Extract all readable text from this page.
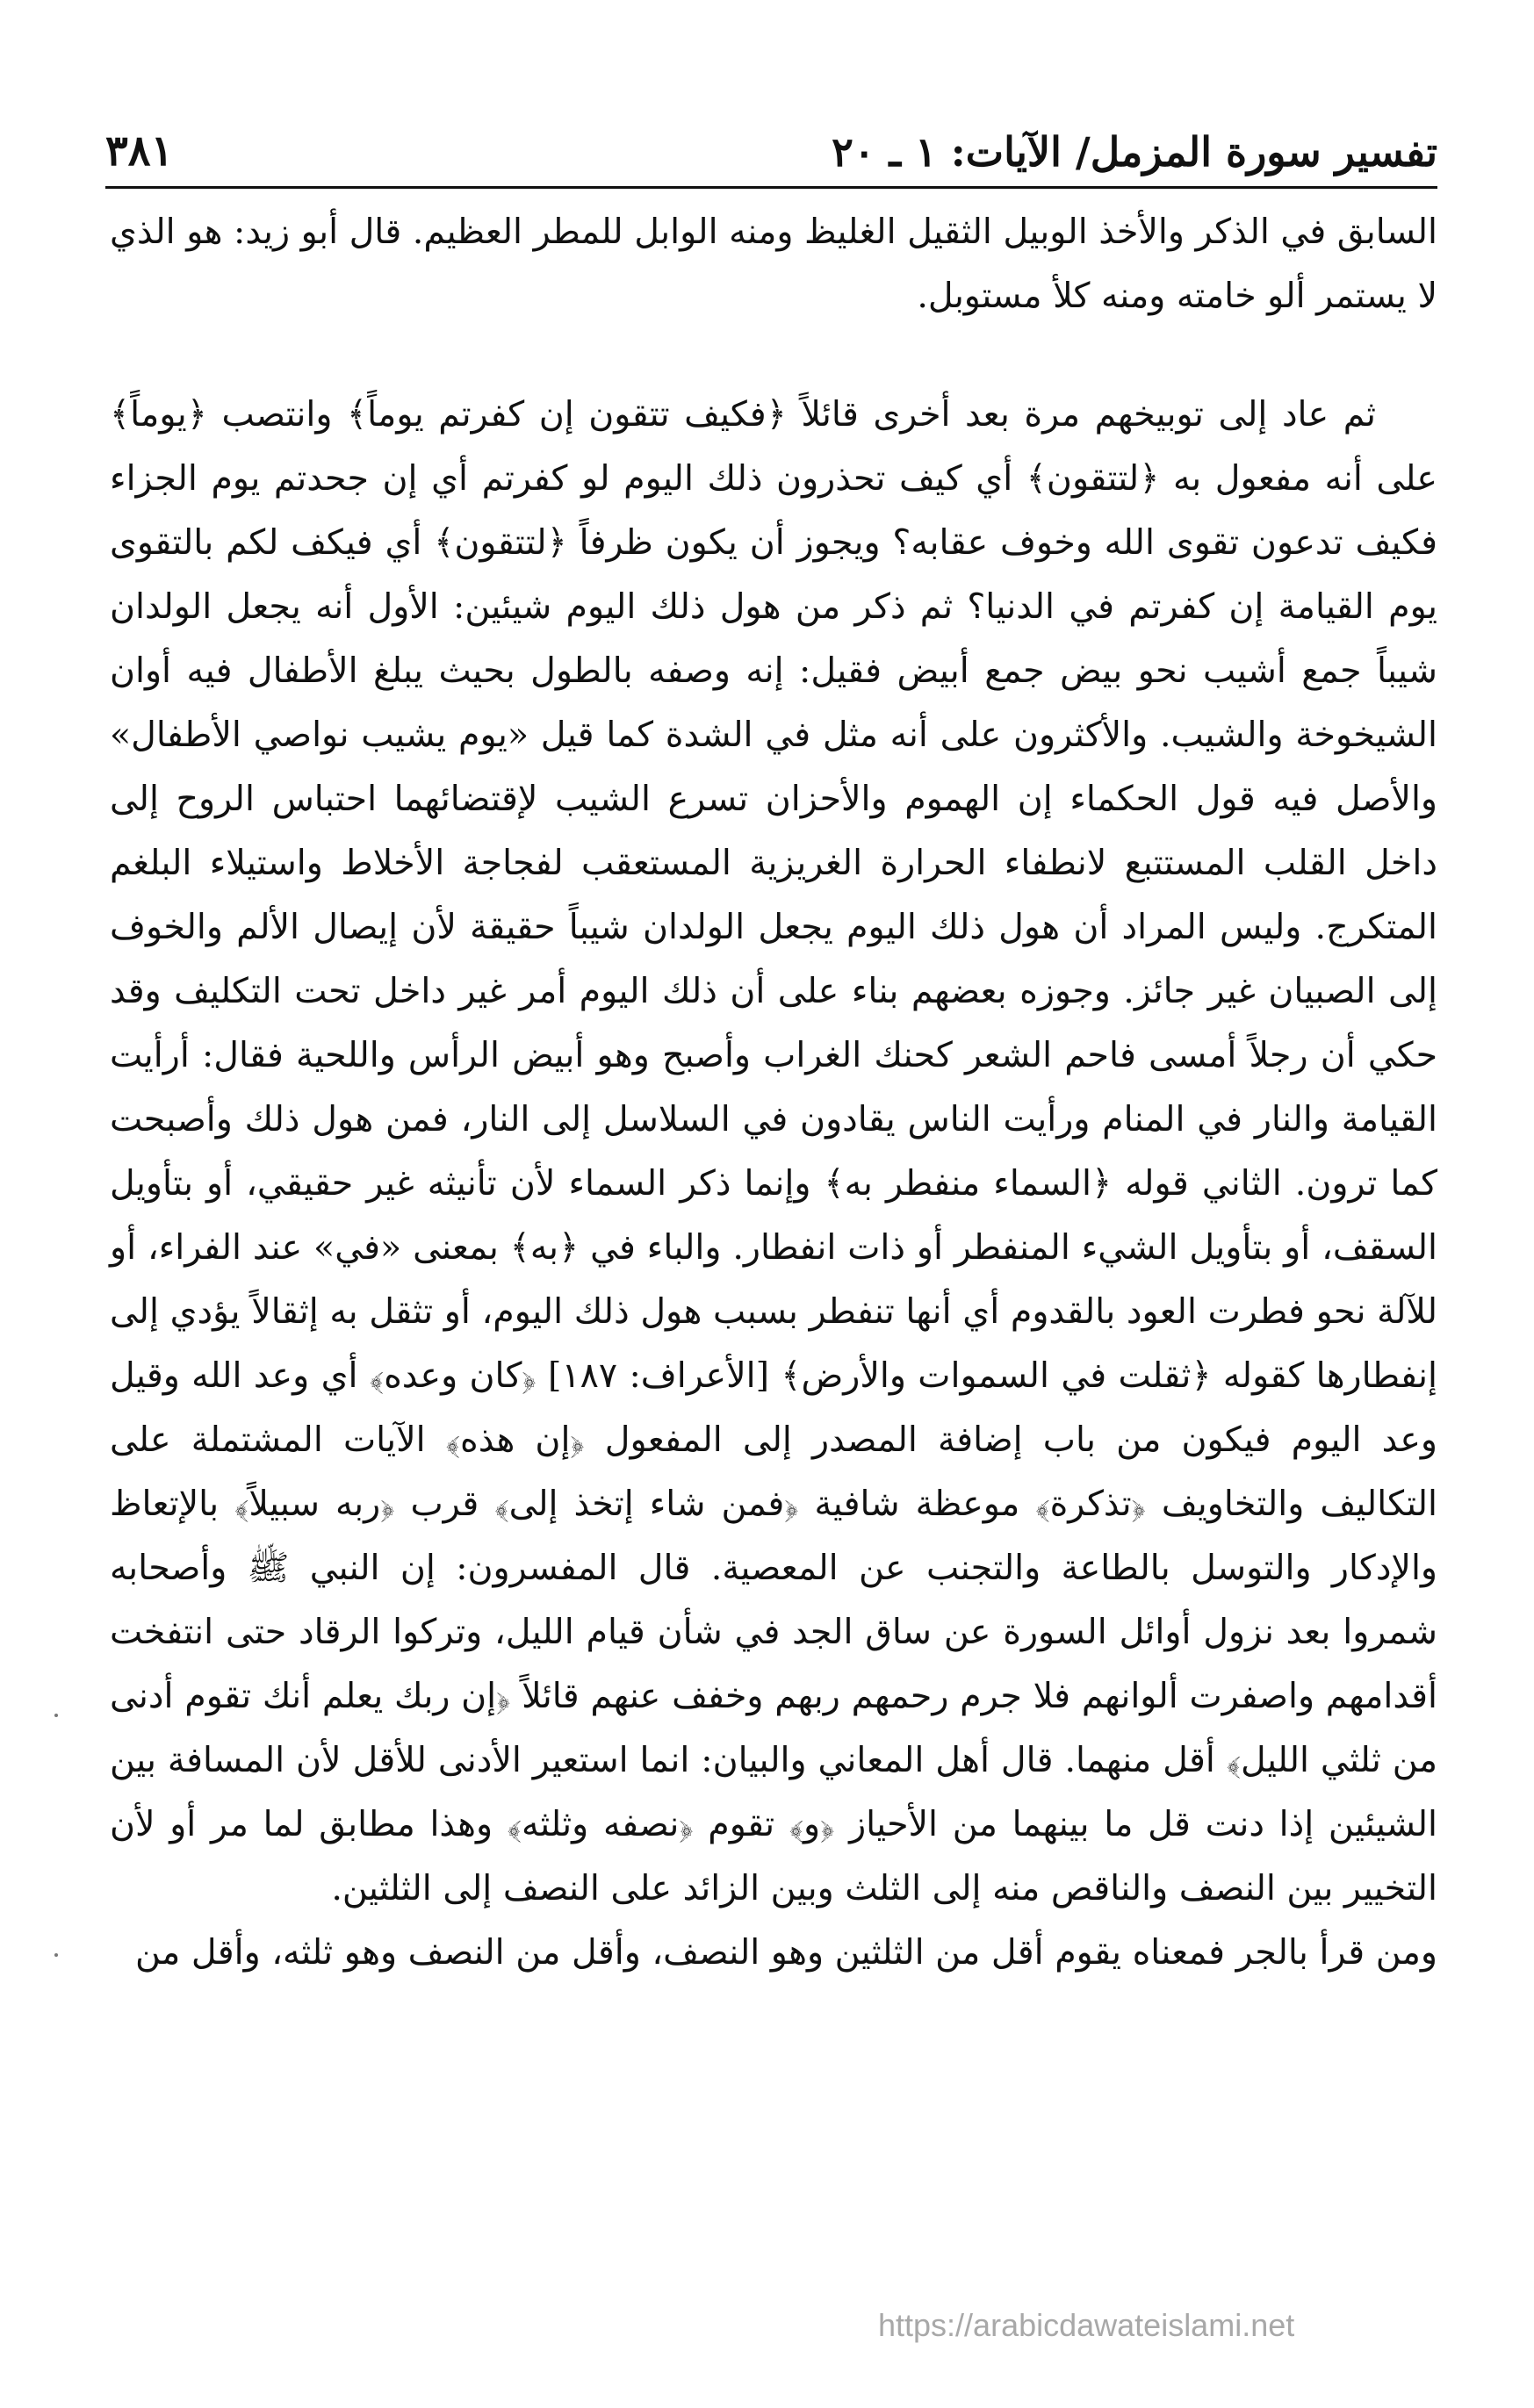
تفسير سورة المزمل/ الآيات: ١ ـ ٢٠
٣٨١

السابق في الذكر والأخذ الوبيل الثقيل الغليظ ومنه الوابل للمطر العظيم. قال أبو زيد: هو الذي لا يستمر ألو خامته ومنه كلأ مستوبل.

ثم عاد إلى توبيخهم مرة بعد أخرى قائلاً ﴿فكيف تتقون إن كفرتم يوماً﴾ وانتصب ﴿يوماً﴾ على أنه مفعول به ﴿لتتقون﴾ أي كيف تحذرون ذلك اليوم لو كفرتم أي إن جحدتم يوم الجزاء فكيف تدعون تقوى الله وخوف عقابه؟ ويجوز أن يكون ظرفاً ﴿لتتقون﴾ أي فيكف لكم بالتقوى يوم القيامة إن كفرتم في الدنيا؟ ثم ذكر من هول ذلك اليوم شيئين: الأول أنه يجعل الولدان شيباً جمع أشيب نحو بيض جمع أبيض فقيل: إنه وصفه بالطول بحيث يبلغ الأطفال فيه أوان الشيخوخة والشيب. والأكثرون على أنه مثل في الشدة كما قيل «يوم يشيب نواصي الأطفال» والأصل فيه قول الحكماء إن الهموم والأحزان تسرع الشيب لإقتضائهما احتباس الروح إلى داخل القلب المستتبع لانطفاء الحرارة الغريزية المستعقب لفجاجة الأخلاط واستيلاء البلغم المتكرج. وليس المراد أن هول ذلك اليوم يجعل الولدان شيباً حقيقة لأن إيصال الألم والخوف إلى الصبيان غير جائز. وجوزه بعضهم بناء على أن ذلك اليوم أمر غير داخل تحت التكليف وقد حكي أن رجلاً أمسى فاحم الشعر كحنك الغراب وأصبح وهو أبيض الرأس واللحية فقال: أرأيت القيامة والنار في المنام ورأيت الناس يقادون في السلاسل إلى النار، فمن هول ذلك وأصبحت كما ترون. الثاني قوله ﴿السماء منفطر به﴾ وإنما ذكر السماء لأن تأنيثه غير حقيقي، أو بتأويل السقف، أو بتأويل الشيء المنفطر أو ذات انفطار. والباء في ﴿به﴾ بمعنى «في» عند الفراء، أو للآلة نحو فطرت العود بالقدوم أي أنها تنفطر بسبب هول ذلك اليوم، أو تثقل به إثقالاً يؤدي إلى إنفطارها كقوله ﴿ثقلت في السموات والأرض﴾ [الأعراف: ١٨٧] ﴿كان وعده﴾ أي وعد الله وقيل وعد اليوم فيكون من باب إضافة المصدر إلى المفعول ﴿إن هذه﴾ الآيات المشتملة على التكاليف والتخاويف ﴿تذكرة﴾ موعظة شافية ﴿فمن شاء إتخذ إلى﴾ قرب ﴿ربه سبيلاً﴾ بالإتعاظ والإدكار والتوسل بالطاعة والتجنب عن المعصية. قال المفسرون: إن النبي ﷺ وأصحابه شمروا بعد نزول أوائل السورة عن ساق الجد في شأن قيام الليل، وتركوا الرقاد حتى انتفخت أقدامهم واصفرت ألوانهم فلا جرم رحمهم ربهم وخفف عنهم قائلاً ﴿إن ربك يعلم أنك تقوم أدنى من ثلثي الليل﴾ أقل منهما. قال أهل المعاني والبيان: انما استعير الأدنى للأقل لأن المسافة بين الشيئين إذا دنت قل ما بينهما من الأحياز ﴿و﴾ تقوم ﴿نصفه وثلثه﴾ وهذا مطابق لما مر أو لأن التخيير بين النصف والناقص منه إلى الثلث وبين الزائد على النصف إلى الثلثين.

ومن قرأ بالجر فمعناه يقوم أقل من الثلثين وهو النصف، وأقل من النصف وهو ثلثه، وأقل من

https://arabicdawateislami.net
